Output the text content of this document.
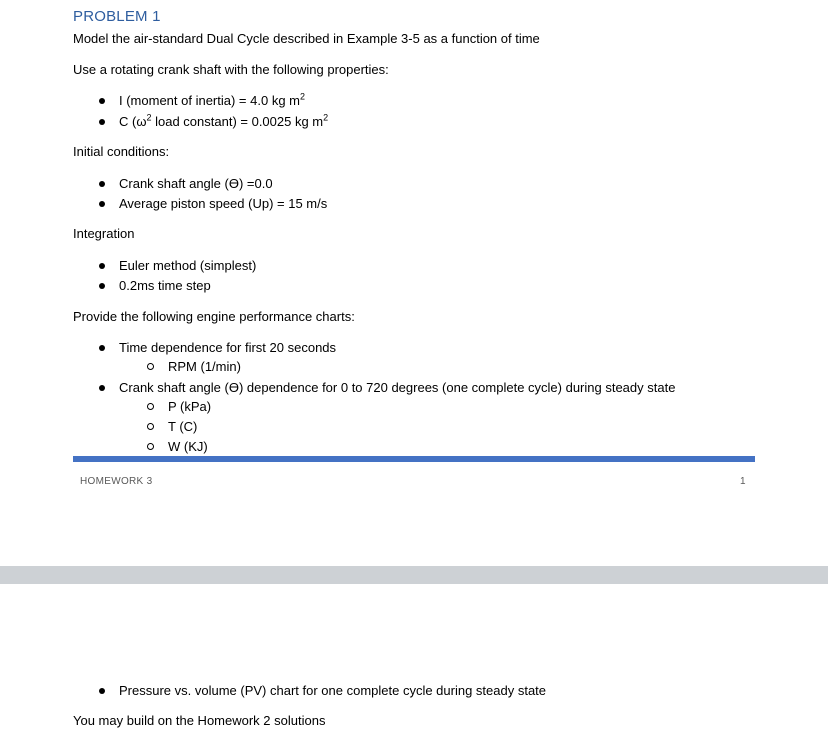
PROBLEM 1
Model the air-standard Dual Cycle described in Example 3-5 as a function of time
Use a rotating crank shaft with the following properties:
I (moment of inertia) = 4.0 kg $m^2$
C ($\omega^2$ load constant) = 0.0025 kg $m^2$
Initial conditions:
Crank shaft angle (ϴ) =0.0
Average piston speed (Up) = 15 m/s
Integration
Euler method (simplest)
0.2ms time step
Provide the following engine performance charts:
Time dependence for first 20 seconds
RPM (1/min)
Crank shaft angle (ϴ) dependence for 0 to 720 degrees (one complete cycle) during steady state
P (kPa)
T (C)
W (KJ)
HOMEWORK 3	1
Pressure vs. volume (PV) chart for one complete cycle during steady state
You may build on the Homework 2 solutions
